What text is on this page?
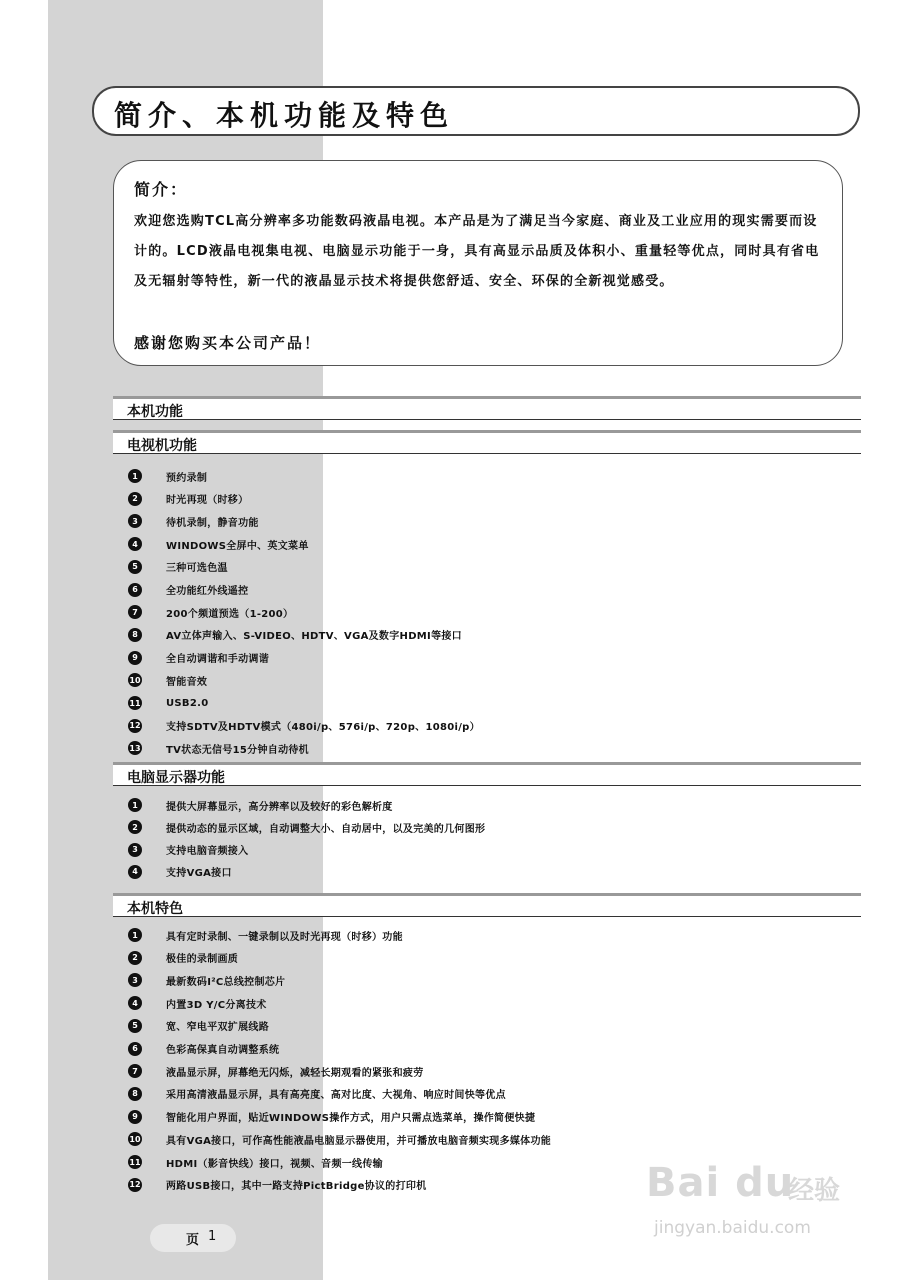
简介、本机功能及特色
简介：
欢迎您选购TCL高分辨率多功能数码液晶电视。本产品是为了满足当今家庭、商业及工业应用的现实需要而设计的。LCD液晶电视集电视、电脑显示功能于一身，具有高显示品质及体积小、重量轻等优点，同时具有省电及无辐射等特性，新一代的液晶显示技术将提供您舒适、安全、环保的全新视觉感受。
感谢您购买本公司产品！
本机功能
电视机功能
1	预约录制
2	时光再现（时移）
3	待机录制，静音功能
4	WINDOWS全屏中、英文菜单
5	三种可选色温
6	全功能红外线遥控
7	200个频道预选（1-200）
8	AV立体声输入、S-VIDEO、HDTV、VGA及数字HDMI等接口
9	全自动调谐和手动调谐
10	智能音效
11	USB2.0
12	支持SDTV及HDTV模式（480i/p、576i/p、720p、1080i/p）
13	TV状态无信号15分钟自动待机
电脑显示器功能
1	提供大屏幕显示，高分辨率以及较好的彩色解析度
2	提供动态的显示区域，自动调整大小、自动居中，以及完美的几何图形
3	支持电脑音频接入
4	支持VGA接口
本机特色
1	具有定时录制、一键录制以及时光再现（时移）功能
2	极佳的录制画质
3	最新数码I²C总线控制芯片
4	内置3D Y/C分离技术
5	宽、窄电平双扩展线路
6	色彩高保真自动调整系统
7	液晶显示屏，屏幕绝无闪烁，减轻长期观看的紧张和疲劳
8	采用高清液晶显示屏，具有高亮度、高对比度、大视角、响应时间快等优点
9	智能化用户界面，贴近WINDOWS操作方式，用户只需点选菜单，操作简便快捷
10	具有VGA接口，可作高性能液晶电脑显示器使用，并可播放电脑音频实现多媒体功能
11	HDMI（影音快线）接口，视频、音频一线传输
12	两路USB接口，其中一路支持PictBridge协议的打印机
页 1
Bai du
经验
jingyan.baidu.com
